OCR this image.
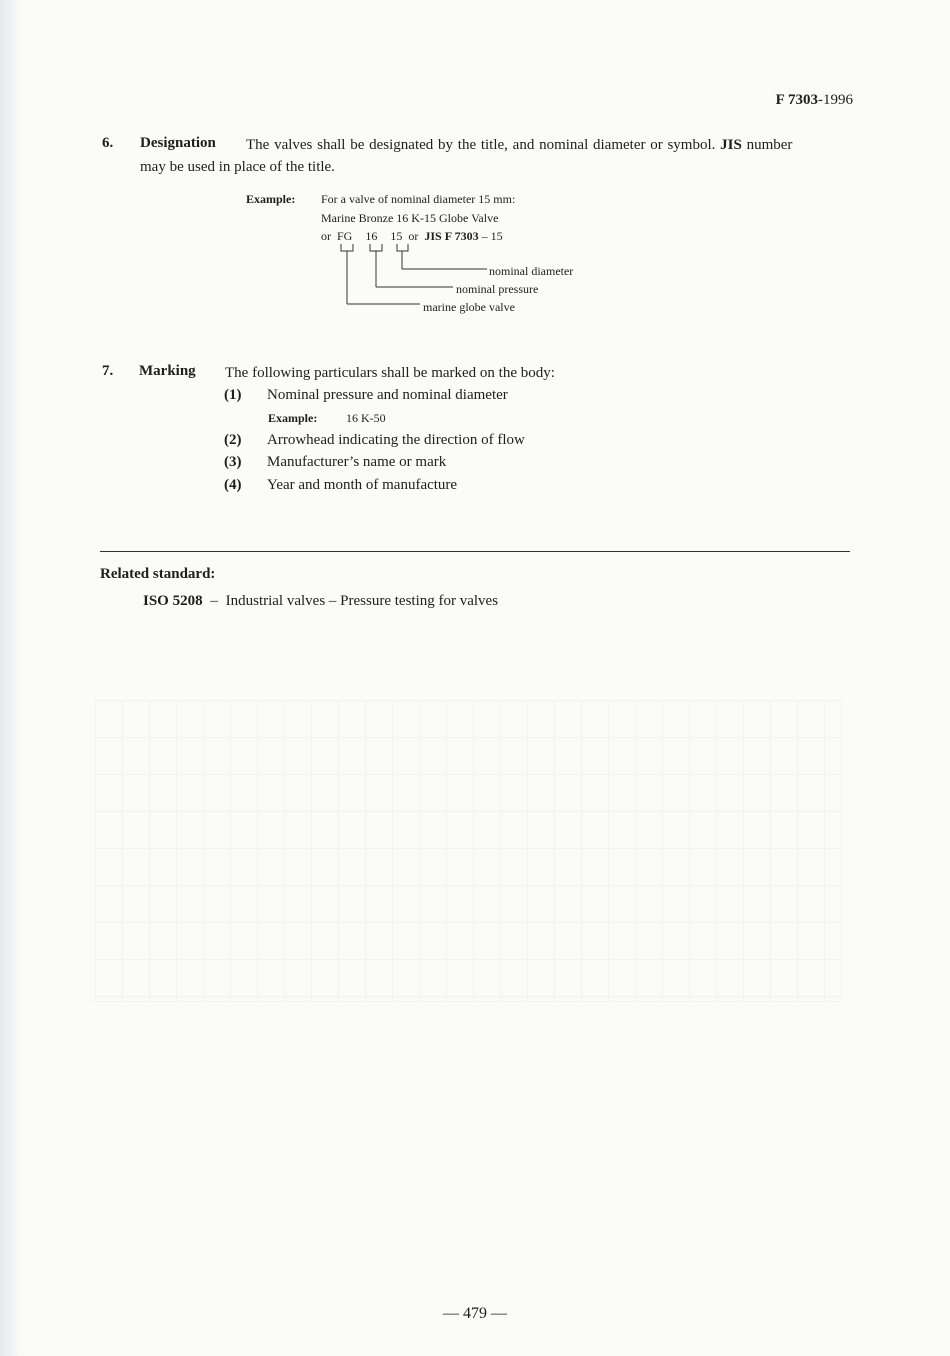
F 7303-1996
6. Designation The valves shall be designated by the title, and nominal diameter or symbol. JIS number
may be used in place of the title.
Example: For a valve of nominal diameter 15 mm:
Marine Bronze 16 K-15 Globe Valve
or FG 16 15 or JIS F 7303 – 15
nominal diameter
nominal pressure
marine globe valve
7. Marking The following particulars shall be marked on the body:
(1) Nominal pressure and nominal diameter
Example: 16 K-50
(2) Arrowhead indicating the direction of flow
(3) Manufacturer’s name or mark
(4) Year and month of manufacture
Related standard:
ISO 5208 – Industrial valves – Pressure testing for valves
— 479 —
